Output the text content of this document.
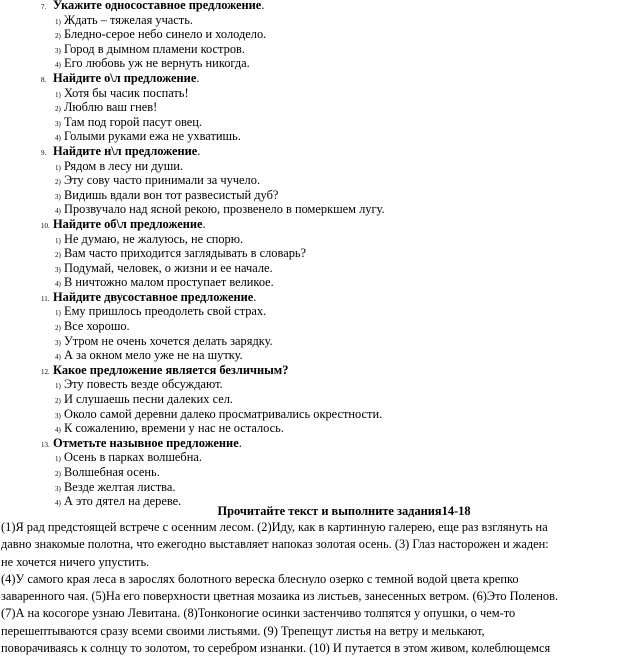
7. Укажите односоставное предложение.
1) Ждать – тяжелая участь.
2) Бледно-серое небо синело и холодело.
3) Город в дымном пламени костров.
4) Его любовь уж не вернуть никогда.
8. Найдите о\л предложение.
1) Хотя бы часик поспать!
2) Люблю ваш гнев!
3) Там под горой пасут овец.
4) Голыми руками ежа не ухватишь.
9. Найдите н\л предложение.
1) Рядом в лесу ни души.
2) Эту сову часто принимали за чучело.
3) Видишь вдали вон тот развесистый дуб?
4) Прозвучало над ясной рекою, прозвенело в померкшем лугу.
10. Найдите об\л предложение.
1) Не думаю, не жалуюсь, не спорю.
2) Вам часто приходится заглядывать в словарь?
3) Подумай, человек, о жизни и ее начале.
4) В ничтожно малом проступает великое.
11. Найдите двусоставное предложение.
1) Ему пришлось преодолеть свой страх.
2) Все хорошо.
3) Утром не очень хочется делать зарядку.
4) А за окном мело уже не на шутку.
12. Какое предложение является безличным?
1) Эту повесть везде обсуждают.
2) И слушаешь песни далеких сел.
3) Около самой деревни далеко просматривались окрестности.
4) К сожалению, времени у нас не осталось.
13. Отметьте назывное предложение.
1) Осень в парках волшебна.
2) Волшебная осень.
3) Везде желтая листва.
4) А это дятел на дереве.
Прочитайте текст и выполните задания14-18
(1)Я рад предстоящей встрече с осенним лесом. (2)Иду, как в картинную галерею, еще раз взглянуть на
давно знакомые полотна, что ежегодно выставляет напоказ золотая осень. (3) Глаз насторожен и жаден:
не хочется ничего упустить.
(4)У самого края леса в зарослях болотного вереска блеснуло озерко с темной водой цвета крепко
заваренного чая. (5)На его поверхности цветная мозаика из листьев, занесенных ветром. (6)Это Поленов.
(7)А на косогоре узнаю Левитана. (8)Тонконогие осинки застенчиво толпятся у опушки, о чем-то
перешептываются сразу всеми своими листьями. (9) Трепещут листья на ветру и мелькают,
поворачиваясь к солнцу то золотом, то серебром изнанки. (10) И путается в этом живом, колеблющемся
